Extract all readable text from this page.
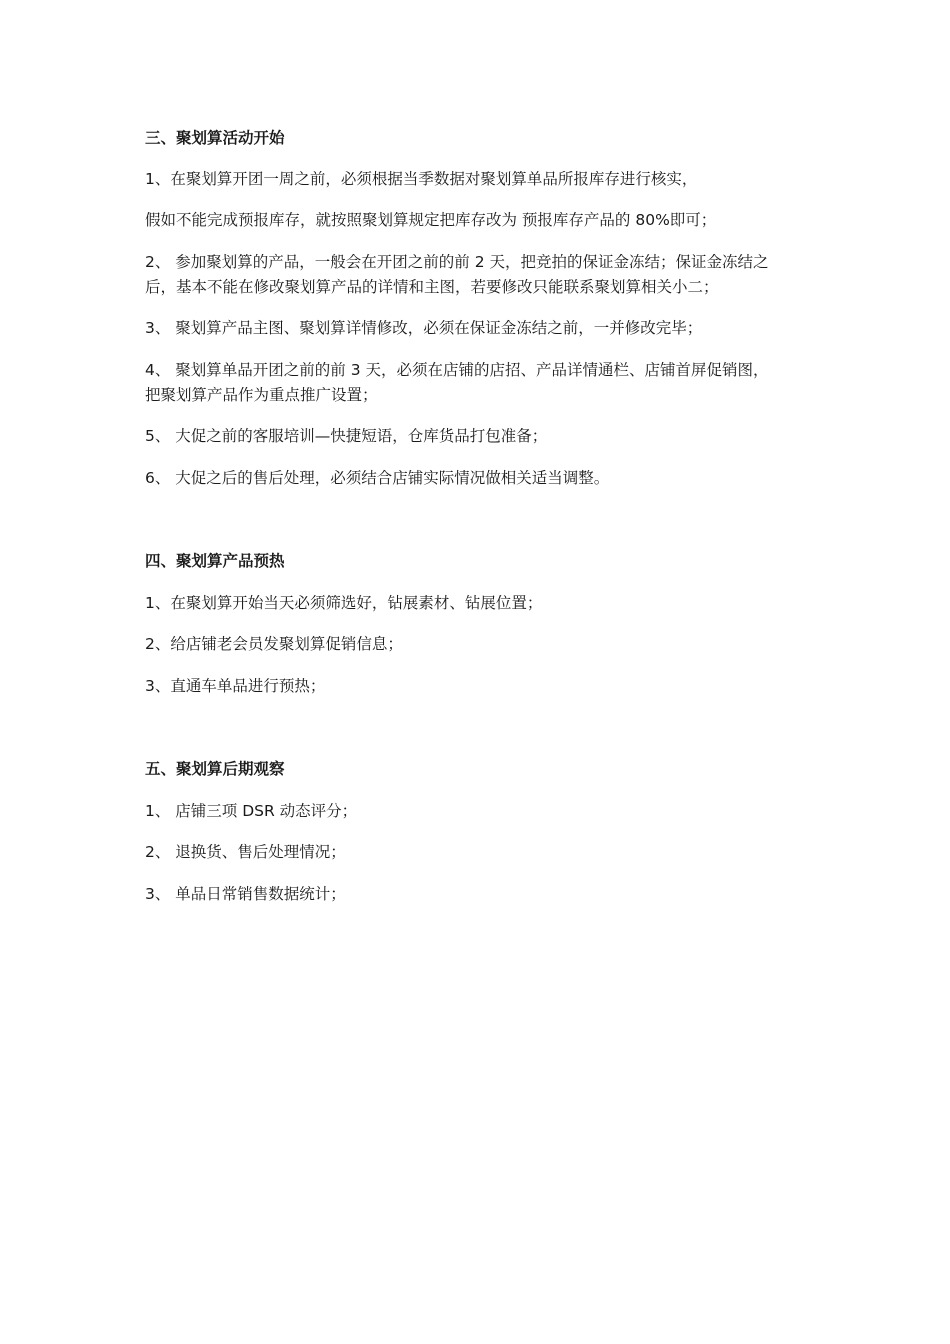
三、聚划算活动开始
1、在聚划算开团一周之前，必须根据当季数据对聚划算单品所报库存进行核实，
假如不能完成预报库存，就按照聚划算规定把库存改为 预报库存产品的 80%即可；
2、 参加聚划算的产品，一般会在开团之前的前 2 天，把竞拍的保证金冻结；保证金冻结之
后，基本不能在修改聚划算产品的详情和主图，若要修改只能联系聚划算相关小二；
3、 聚划算产品主图、聚划算详情修改，必须在保证金冻结之前，一并修改完毕；
4、 聚划算单品开团之前的前 3 天，必须在店铺的店招、产品详情通栏、店铺首屏促销图，
把聚划算产品作为重点推广设置；
5、 大促之前的客服培训—快捷短语，仓库货品打包准备；
6、 大促之后的售后处理，必须结合店铺实际情况做相关适当调整。
四、聚划算产品预热
1、在聚划算开始当天必须筛选好，钻展素材、钻展位置；
2、给店铺老会员发聚划算促销信息；
3、直通车单品进行预热；
五、聚划算后期观察
1、 店铺三项 DSR 动态评分；
2、 退换货、售后处理情况；
3、 单品日常销售数据统计；
